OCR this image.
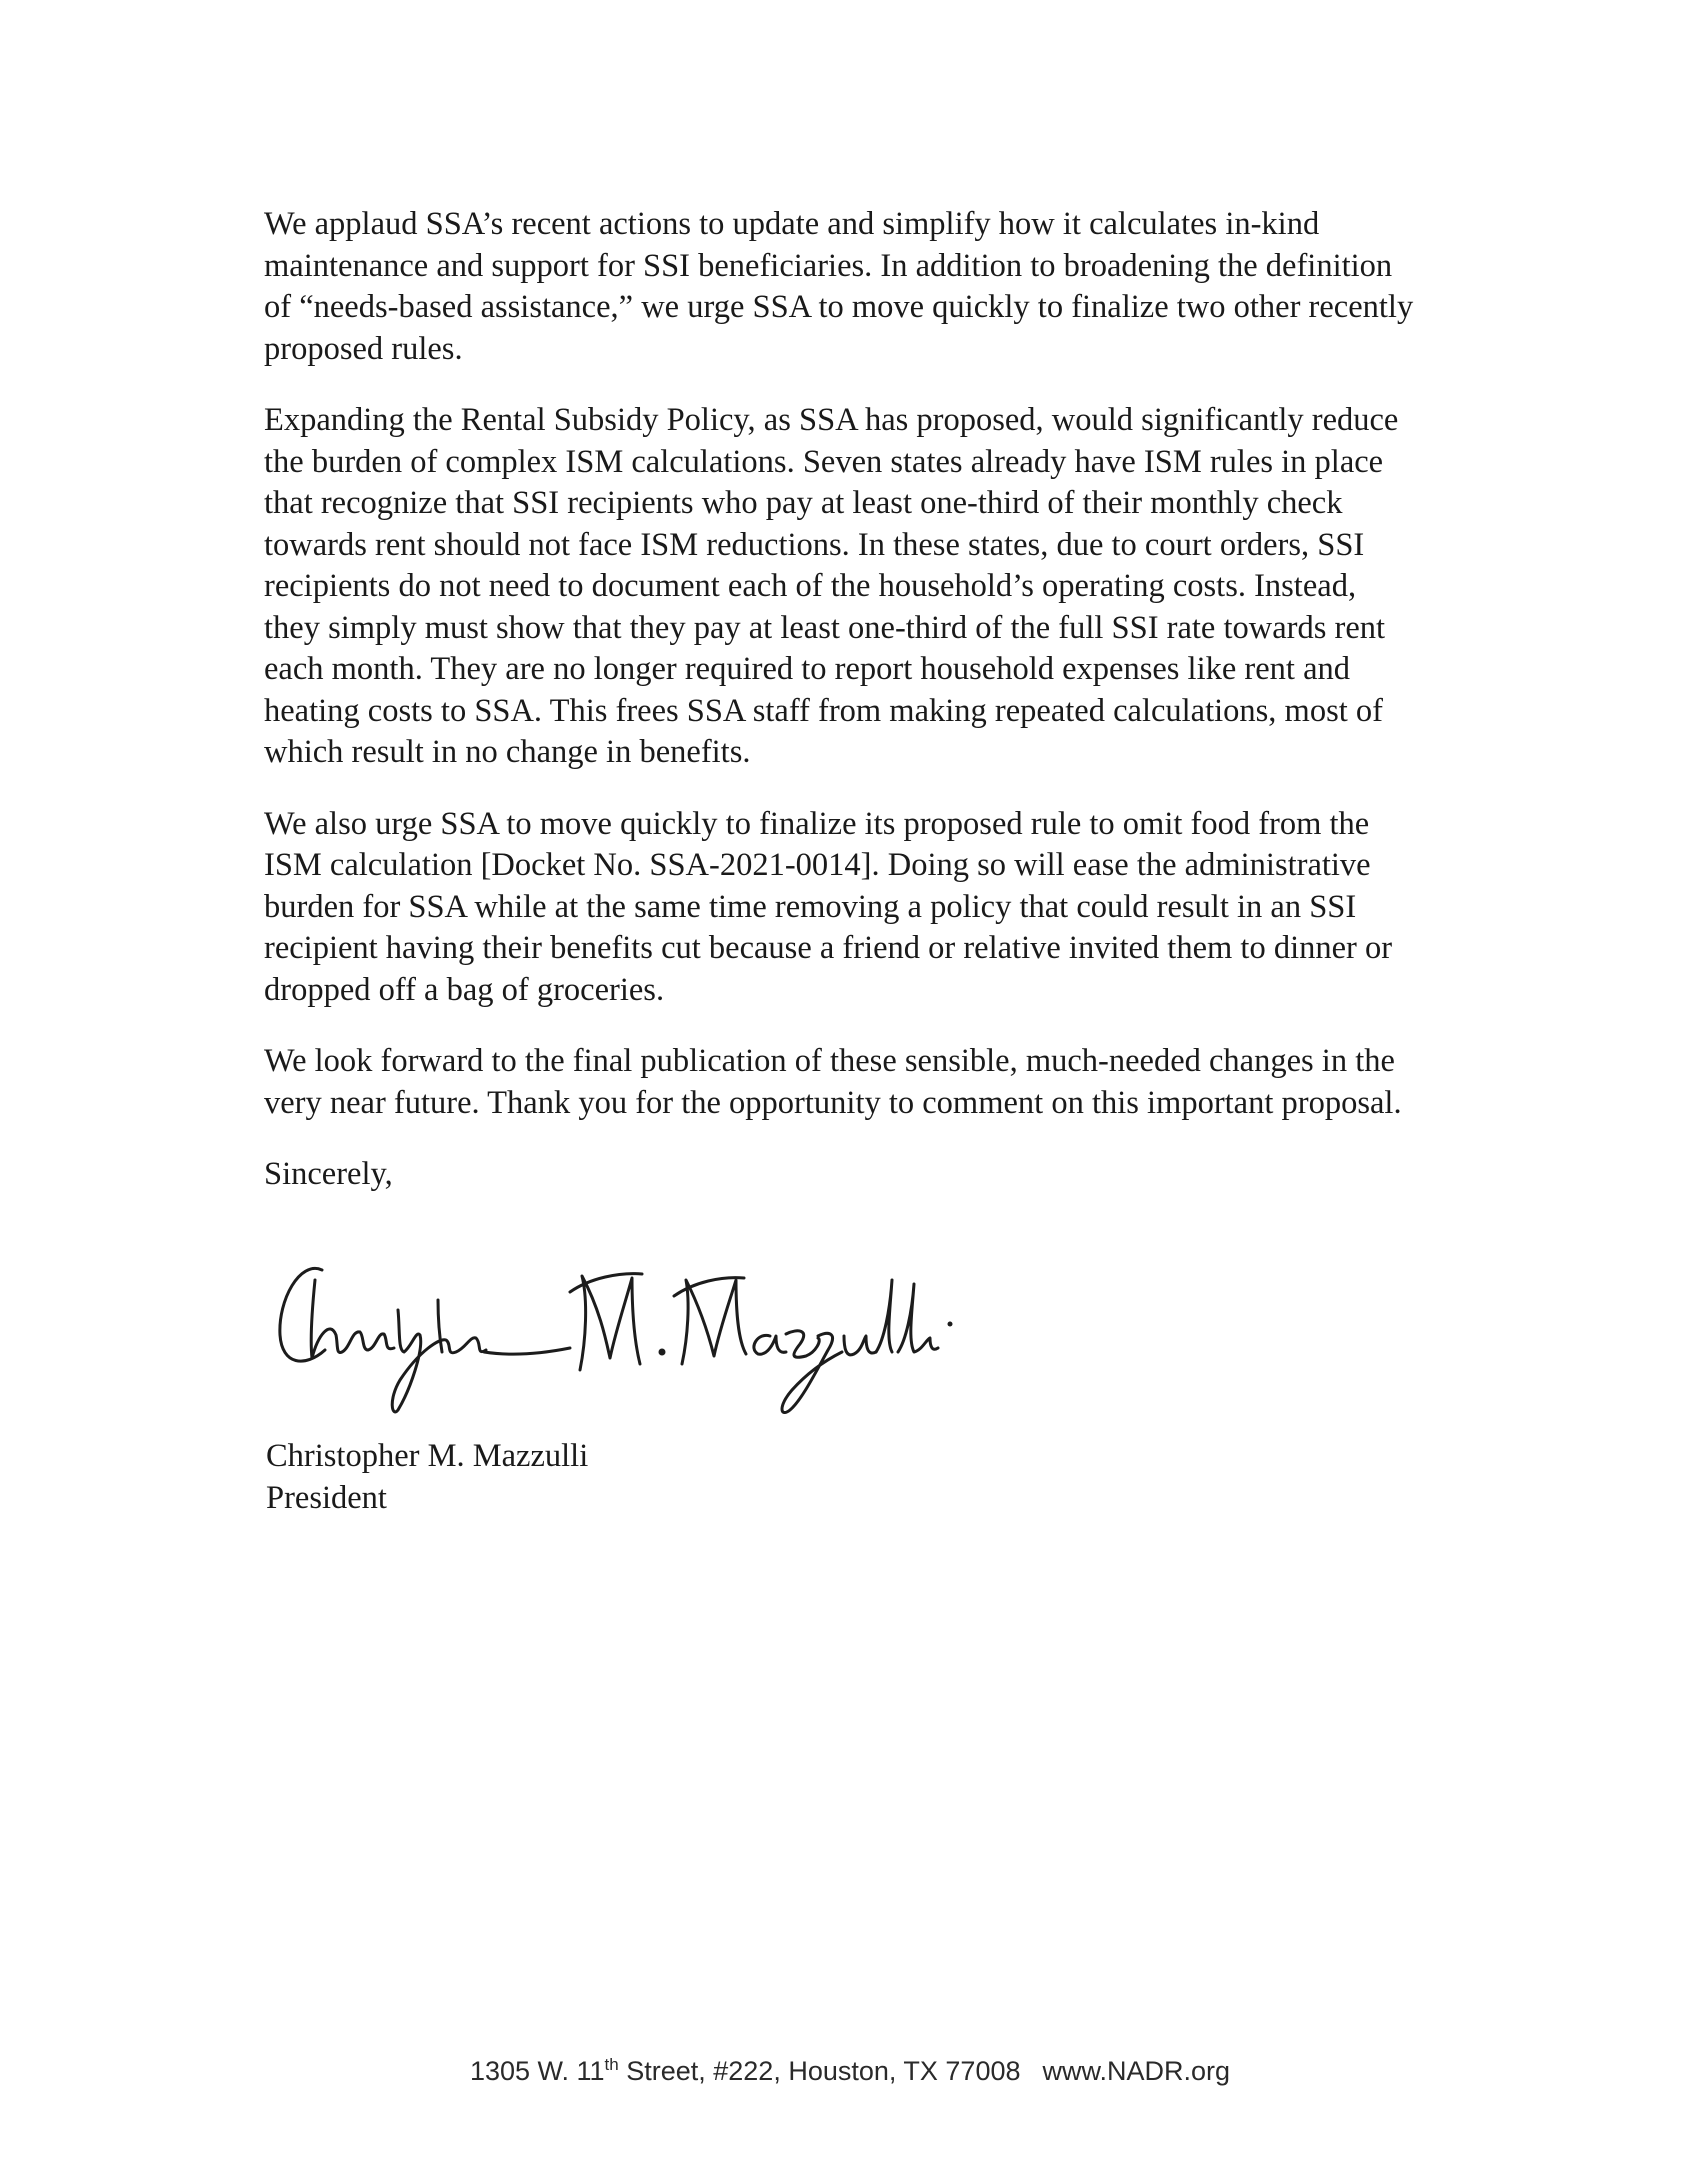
We applaud SSA’s recent actions to update and simplify how it calculates in-kind
maintenance and support for SSI beneficiaries. In addition to broadening the definition
of “needs-based assistance,” we urge SSA to move quickly to finalize two other recently
proposed rules.

Expanding the Rental Subsidy Policy, as SSA has proposed, would significantly reduce
the burden of complex ISM calculations. Seven states already have ISM rules in place
that recognize that SSI recipients who pay at least one-third of their monthly check
towards rent should not face ISM reductions. In these states, due to court orders, SSI
recipients do not need to document each of the household’s operating costs. Instead,
they simply must show that they pay at least one-third of the full SSI rate towards rent
each month. They are no longer required to report household expenses like rent and
heating costs to SSA. This frees SSA staff from making repeated calculations, most of
which result in no change in benefits.

We also urge SSA to move quickly to finalize its proposed rule to omit food from the
ISM calculation [Docket No. SSA-2021-0014]. Doing so will ease the administrative
burden for SSA while at the same time removing a policy that could result in an SSI
recipient having their benefits cut because a friend or relative invited them to dinner or
dropped off a bag of groceries.

We look forward to the final publication of these sensible, much-needed changes in the
very near future. Thank you for the opportunity to comment on this important proposal.

Sincerely,

Christopher M. Mazzulli
President
1305 W. 11th Street, #222, Houston, TX 77008 www.NADR.org
